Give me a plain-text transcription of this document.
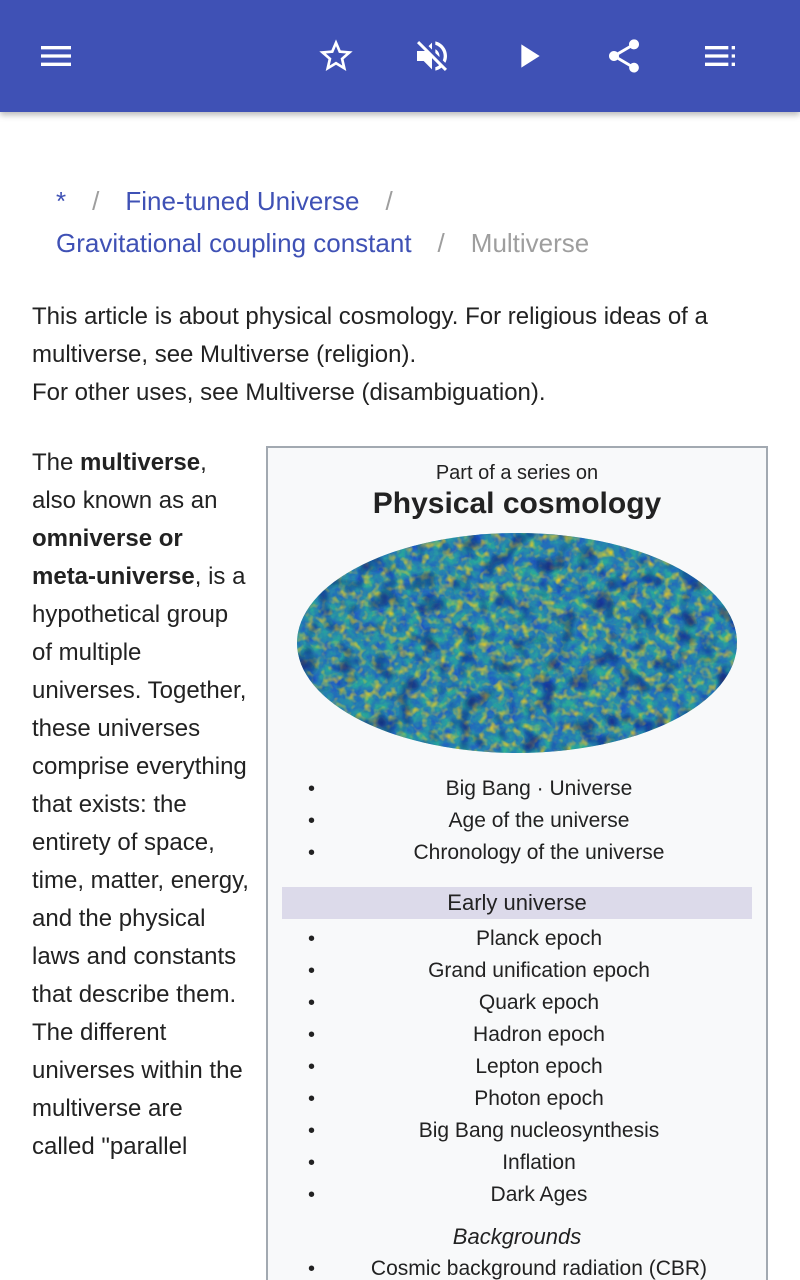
* / Fine-tuned Universe /
Gravitational coupling constant / Multiverse
This article is about physical cosmology. For religious ideas of a multiverse, see Multiverse (religion).
For other uses, see Multiverse (disambiguation).
The multiverse, also known as an omniverse or meta-universe, is a hypothetical group of multiple universes. Together, these universes comprise everything that exists: the entirety of space, time, matter, energy, and the physical laws and constants that describe them. The different universes within the multiverse are called "parallel
Part of a series on
Physical cosmology
• Big Bang · Universe
• Age of the universe
• Chronology of the universe
Early universe
• Planck epoch
• Grand unification epoch
• Quark epoch
• Hadron epoch
• Lepton epoch
• Photon epoch
• Big Bang nucleosynthesis
• Inflation
• Dark Ages
Backgrounds
• Cosmic background radiation (CBR)
